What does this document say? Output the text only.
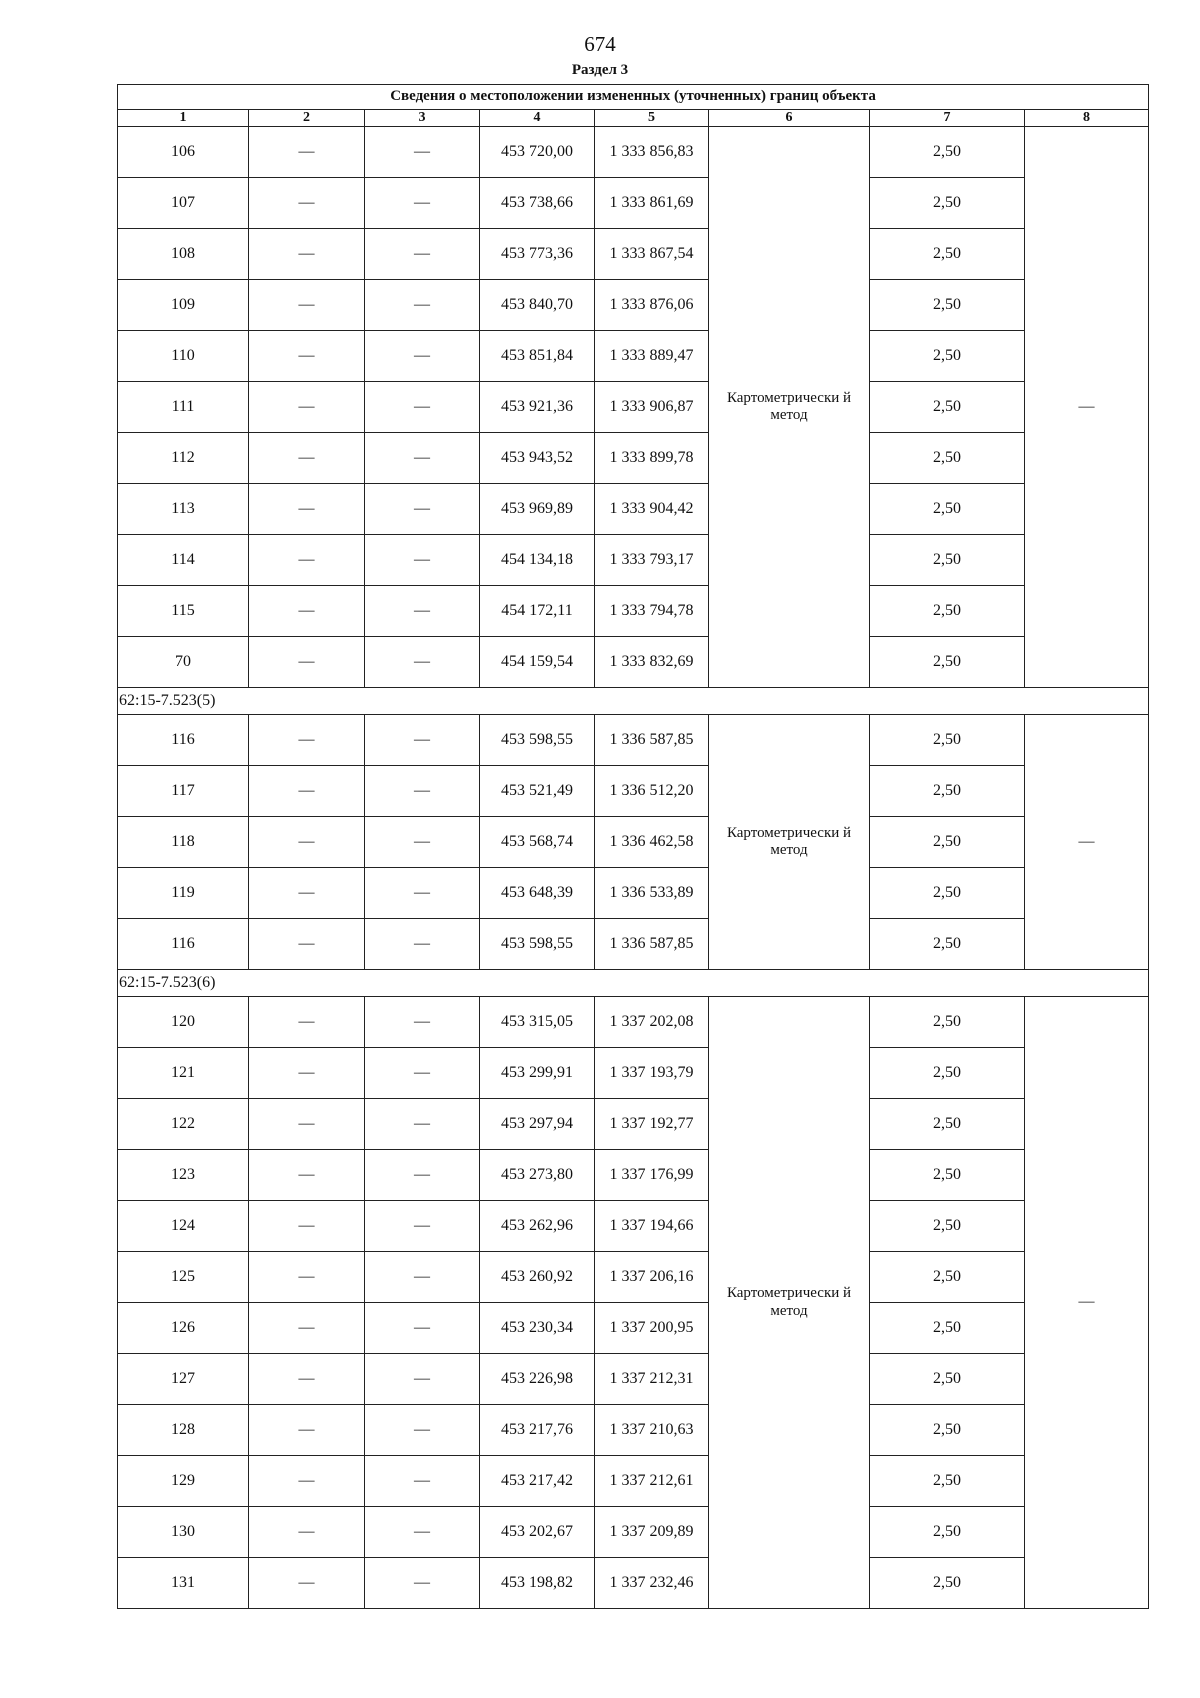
674
Раздел 3
Сведения о местоположении измененных (уточненных) границ объекта							
1	2	3	4	5	6	7	8
106	—	—	453 720,00	1 333 856,83	Картометрически й метод	2,50	—
107	—	—	453 738,66	1 333 861,69		2,50	
108	—	—	453 773,36	1 333 867,54		2,50	
109	—	—	453 840,70	1 333 876,06		2,50	
110	—	—	453 851,84	1 333 889,47		2,50	
111	—	—	453 921,36	1 333 906,87		2,50	
112	—	—	453 943,52	1 333 899,78		2,50	
113	—	—	453 969,89	1 333 904,42		2,50	
114	—	—	454 134,18	1 333 793,17		2,50	
115	—	—	454 172,11	1 333 794,78		2,50	
70	—	—	454 159,54	1 333 832,69		2,50	
62:15-7.523(5)							
116	—	—	453 598,55	1 336 587,85	Картометрически й метод	2,50	—
117	—	—	453 521,49	1 336 512,20		2,50	
118	—	—	453 568,74	1 336 462,58		2,50	
119	—	—	453 648,39	1 336 533,89		2,50	
116	—	—	453 598,55	1 336 587,85		2,50	
62:15-7.523(6)							
120	—	—	453 315,05	1 337 202,08	Картометрически й метод	2,50	—
121	—	—	453 299,91	1 337 193,79		2,50	
122	—	—	453 297,94	1 337 192,77		2,50	
123	—	—	453 273,80	1 337 176,99		2,50	
124	—	—	453 262,96	1 337 194,66		2,50	
125	—	—	453 260,92	1 337 206,16		2,50	
126	—	—	453 230,34	1 337 200,95		2,50	
127	—	—	453 226,98	1 337 212,31		2,50	
128	—	—	453 217,76	1 337 210,63		2,50	
129	—	—	453 217,42	1 337 212,61		2,50	
130	—	—	453 202,67	1 337 209,89		2,50	
131	—	—	453 198,82	1 337 232,46		2,50	
